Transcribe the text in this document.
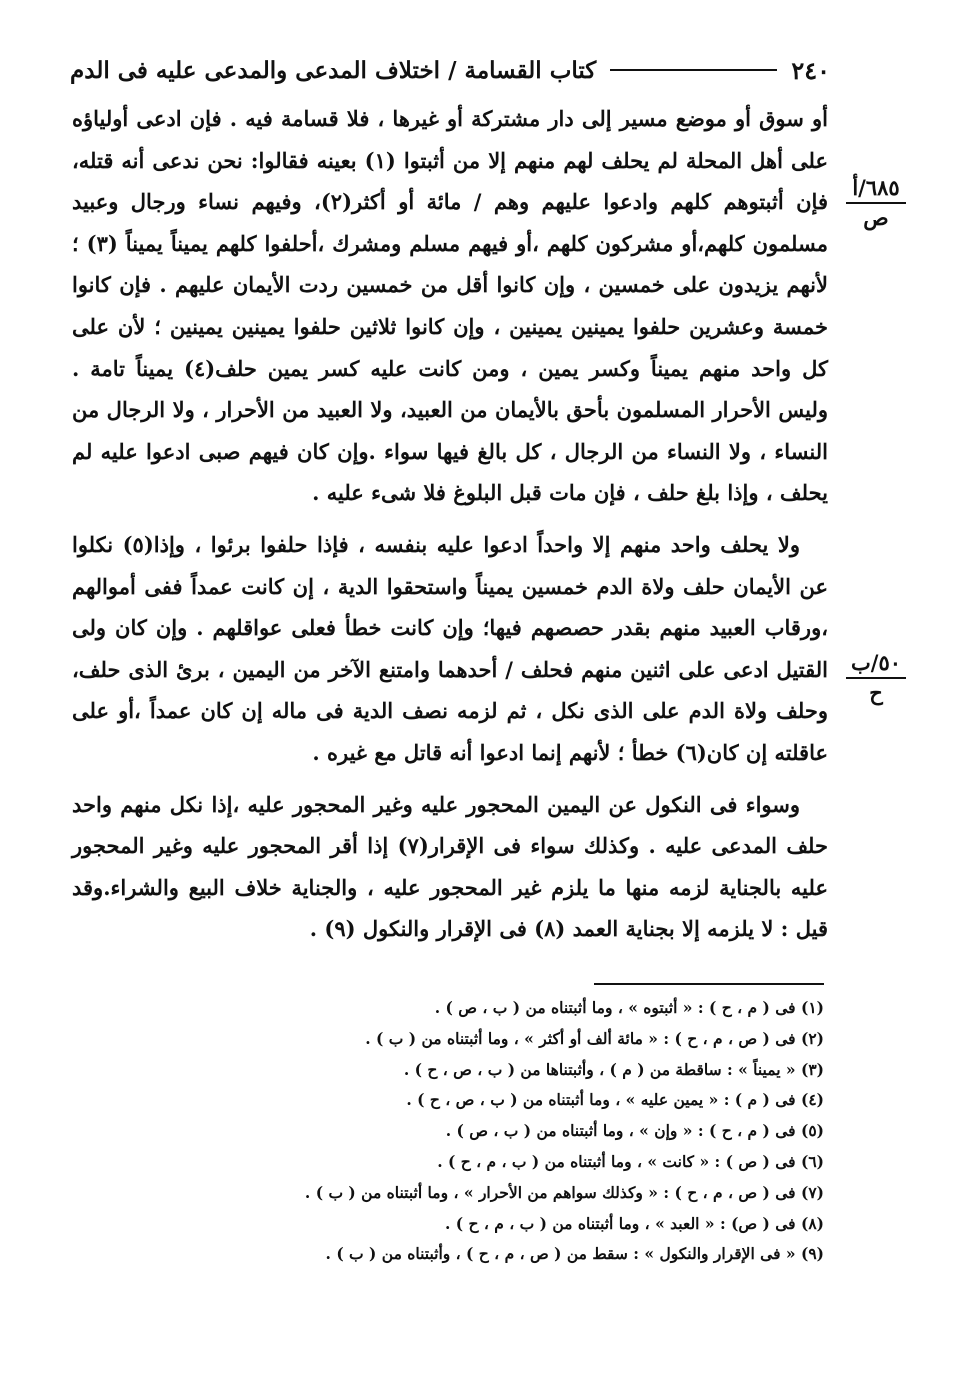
٢٤٠
كتاب القسامة / اختلاف المدعى والمدعى عليه فى الدم
٦٨٥/أ
ص
٥٠/ب
ح

أو سوق أو موضع مسير إلى دار مشتركة أو غيرها ، فلا قسامة فيه . فإن ادعى أولياؤه على أهل المحلة لم يحلف لهم منهم إلا من أثبتوا (١) بعينه فقالوا: نحن ندعى أنه قتله، فإن أثبتوهم كلهم وادعوا عليهم وهم / مائة أو أكثر(٢)، وفيهم نساء ورجال وعبيد مسلمون كلهم،أو مشركون كلهم ،أو فيهم مسلم ومشرك ،أحلفوا كلهم يميناً يميناً (٣) ؛ لأنهم يزيدون على خمسين ، وإن كانوا أقل من خمسين ردت الأيمان عليهم . فإن كانوا خمسة وعشرين حلفوا يمينين يمينين ، وإن كانوا ثلاثين حلفوا يمينين يمينين ؛ لأن على كل واحد منهم يميناً وكسر يمين ، ومن كانت عليه كسر يمين حلف(٤) يميناً تامة . وليس الأحرار المسلمون بأحق بالأيمان من العبيد، ولا العبيد من الأحرار ، ولا الرجال من النساء ، ولا النساء من الرجال ، كل بالغ فيها سواء .وإن كان فيهم صبى ادعوا عليه لم يحلف ، وإذا بلغ حلف ، فإن مات قبل البلوغ فلا شىء عليه .

ولا يحلف واحد منهم إلا واحداً ادعوا عليه بنفسه ، فإذا حلفوا برئوا ، وإذا(٥) نكلوا عن الأيمان حلف ولاة الدم خمسين يميناً واستحقوا الدية ، إن كانت عمداً ففى أموالهم ،ورقاب العبيد منهم بقدر حصصهم فيها؛ وإن كانت خطأ فعلى عواقلهم . وإن كان ولى القتيل ادعى على اثنين منهم فحلف / أحدهما وامتنع الآخر من اليمين ، برئ الذى حلف، وحلف ولاة الدم على الذى نكل ، ثم لزمه نصف الدية فى ماله إن كان عمداً ،أو على عاقلته إن كان(٦) خطأ ؛ لأنهم إنما ادعوا أنه قاتل مع غيره .

وسواء فى النكول عن اليمين المحجور عليه وغير المحجور عليه ،إذا نكل منهم واحد حلف المدعى عليه . وكذلك سواء فى الإقرار(٧) إذا أقر المحجور عليه وغير المحجور عليه بالجناية لزمه منها ما يلزم غير المحجور عليه ، والجناية خلاف البيع والشراء.وقد قيل : لا يلزمه إلا بجناية العمد (٨) فى الإقرار والنكول (٩) .

(١) فى ( م ، ح ) : « أثبتوه » ، وما أثبتناه من ( ب ، ص ) .
(٢) فى ( ص ، م ، ح ) : « مائة ألف أو أكثر » ، وما أثبتناه من ( ب ) .
(٣) « يميناً » : ساقطة من ( م ) ، وأثبتناها من ( ب ، ص ، ح ) .
(٤) فى ( م ) : « يمين عليه » ، وما أثبتناه من ( ب ، ص ، ح ) .
(٥) فى ( م ، ح ) : « وإن » ، وما أثبتناه من ( ب ، ص ) .
(٦) فى ( ص ) : « كانت » ، وما أثبتناه من ( ب ، م ، ح ) .
(٧) فى ( ص ، م ، ح ) : « وكذلك سواهم من الأحرار » ، وما أثبتناه من ( ب ) .
(٨) فى ( ص) : « العبد » ، وما أثبتناه من ( ب ، م ، ح ) .
(٩) « فى الإقرار والنكول » : سقط من ( ص ، م ، ح ) ، وأثبتناه من ( ب ) .
